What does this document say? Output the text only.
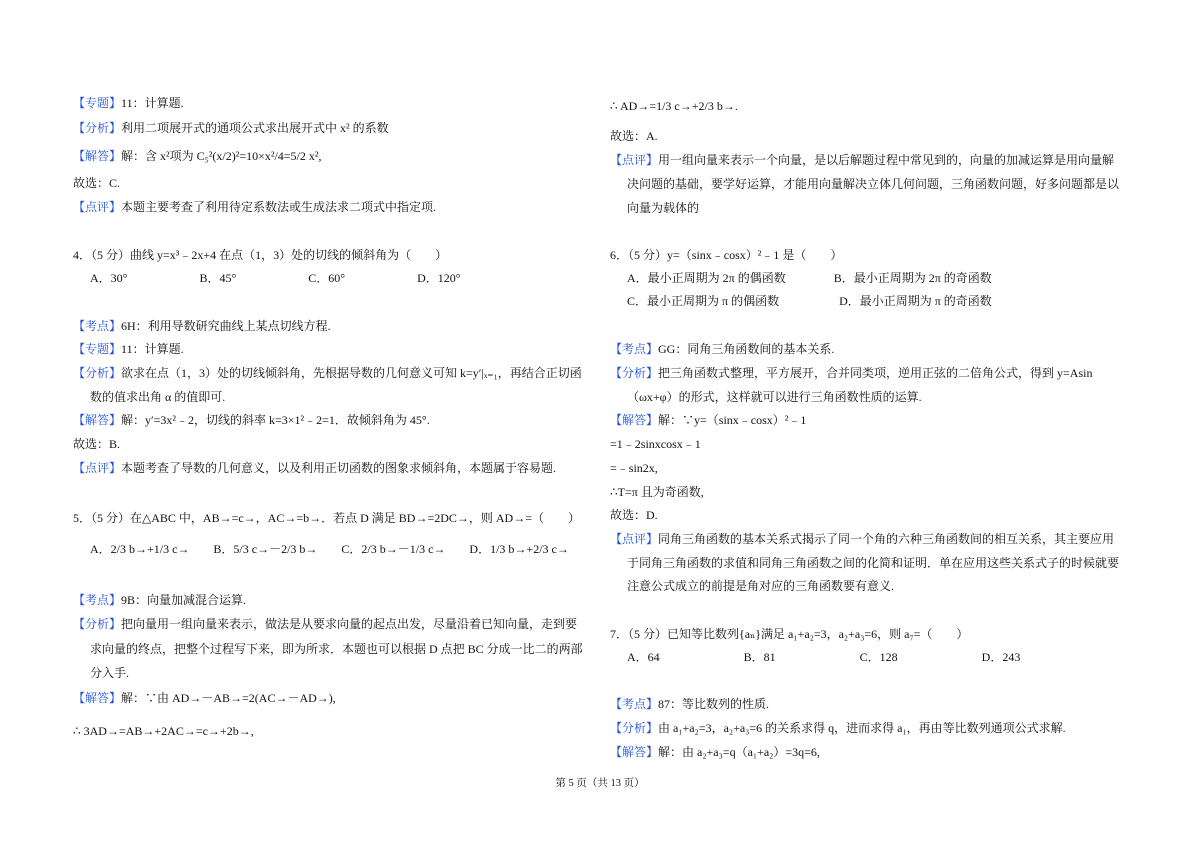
【专题】11：计算题.
【分析】利用二项展开式的通项公式求出展开式中 x² 的系数
【解答】解：含 x²项为 C₅²(x/2)²=10×x²/4=5/2 x²,
故选：C.
【点评】本题主要考查了利用待定系数法或生成法求二项式中指定项.
4．（5 分）曲线 y=x³﹣2x+4 在点（1，3）处的切线的倾斜角为（　　）
A．30°　　　　　　B．45°　　　　　　C．60°　　　　　　D．120°
【考点】6H：利用导数研究曲线上某点切线方程.
【专题】11：计算题.
【分析】欲求在点（1，3）处的切线倾斜角，先根据导数的几何意义可知 k=y′|ₓ₌₁，再结合正切函
数的值求出角 α 的值即可.
【解答】解：y′=3x²﹣2，切线的斜率 k=3×1²﹣2=1．故倾斜角为 45°.
故选：B.
【点评】本题考查了导数的几何意义，以及利用正切函数的图象求倾斜角，本题属于容易题.
5．（5 分）在△ABC 中，AB→=c→，AC→=b→．若点 D 满足 BD→=2DC→，则 AD→=（　　）
A．2/3 b→+1/3 c→　　B．5/3 c→－2/3 b→　　C．2/3 b→－1/3 c→　　D．1/3 b→+2/3 c→
【考点】9B：向量加减混合运算.
【分析】把向量用一组向量来表示，做法是从要求向量的起点出发，尽量沿着已知向量，走到要
求向量的终点，把整个过程写下来，即为所求．本题也可以根据 D 点把 BC 分成一比二的两部
分入手.
【解答】解：∵由 AD→－AB→=2(AC→－AD→),
∴ 3AD→=AB→+2AC→=c→+2b→,
∴ AD→=1/3 c→+2/3 b→.
故选：A.
【点评】用一组向量来表示一个向量，是以后解题过程中常见到的，向量的加减运算是用向量解
决问题的基础，要学好运算，才能用向量解决立体几何问题，三角函数问题，好多问题都是以
向量为载体的
6．（5 分）y=（sinx﹣cosx）²﹣1 是（　　）
A．最小正周期为 2π 的偶函数　　　　B．最小正周期为 2π 的奇函数
C．最小正周期为 π 的偶函数　　　　　D．最小正周期为 π 的奇函数
【考点】GG：同角三角函数间的基本关系.
【分析】把三角函数式整理，平方展开，合并同类项，逆用正弦的二倍角公式，得到 y=Asin
（ωx+φ）的形式，这样就可以进行三角函数性质的运算.
【解答】解：∵y=（sinx﹣cosx）²﹣1
=1﹣2sinxcosx﹣1
=﹣sin2x,
∴T=π 且为奇函数,
故选：D.
【点评】同角三角函数的基本关系式揭示了同一个角的六种三角函数间的相互关系，其主要应用
于同角三角函数的求值和同角三角函数之间的化简和证明．单在应用这些关系式子的时候就要
注意公式成立的前提是角对应的三角函数要有意义.
7．（5 分）已知等比数列{aₙ}满足 a₁+a₂=3，a₂+a₃=6，则 a₇=（　　）
A．64　　　　　　　B．81　　　　　　　C．128　　　　　　　D．243
【考点】87：等比数列的性质.
【分析】由 a₁+a₂=3，a₂+a₃=6 的关系求得 q，进而求得 a₁，再由等比数列通项公式求解.
【解答】解：由 a₂+a₃=q（a₁+a₂）=3q=6,
第 5 页（共 13 页）
